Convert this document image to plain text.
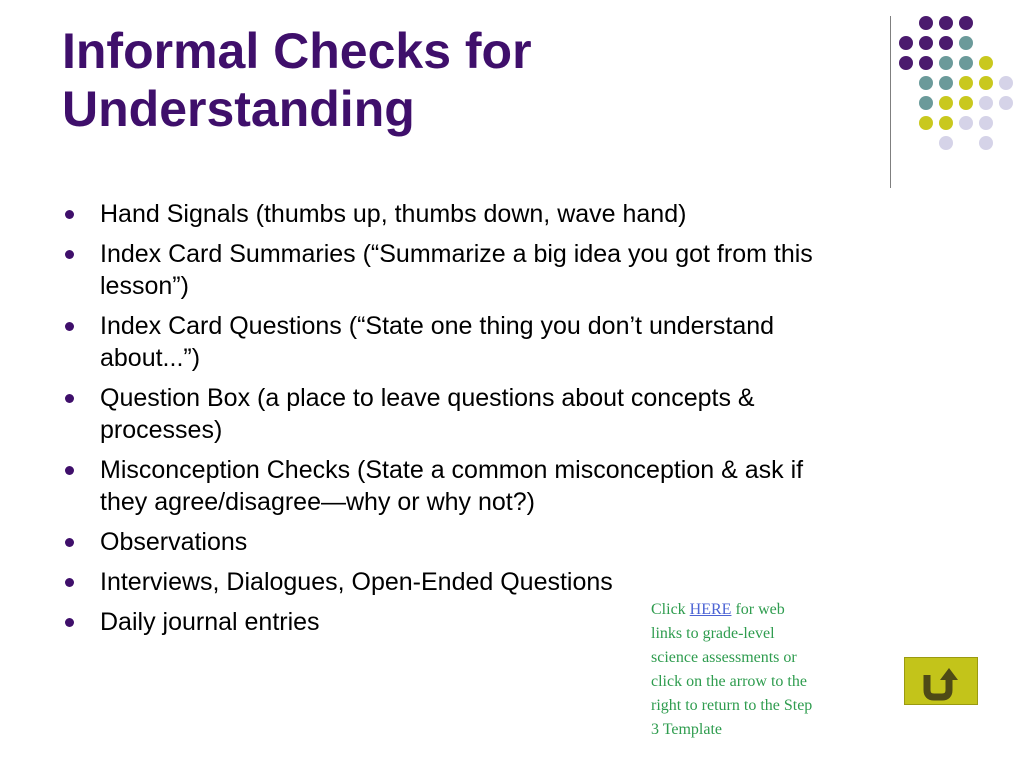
Informal Checks for
Understanding
Hand Signals (thumbs up, thumbs down, wave hand)
Index Card Summaries (“Summarize a big idea you got from this
lesson”)
Index Card Questions (“State one thing you don’t understand
about...”)
Question Box (a place to leave questions about concepts &
processes)
Misconception Checks (State a common misconception & ask if
they agree/disagree—why or why not?)
Observations
Interviews, Dialogues, Open-Ended Questions
Daily journal entries	Click HERE for web
links to grade-level
science assessments or
click on the arrow to the
right to return to the Step
3 Template
